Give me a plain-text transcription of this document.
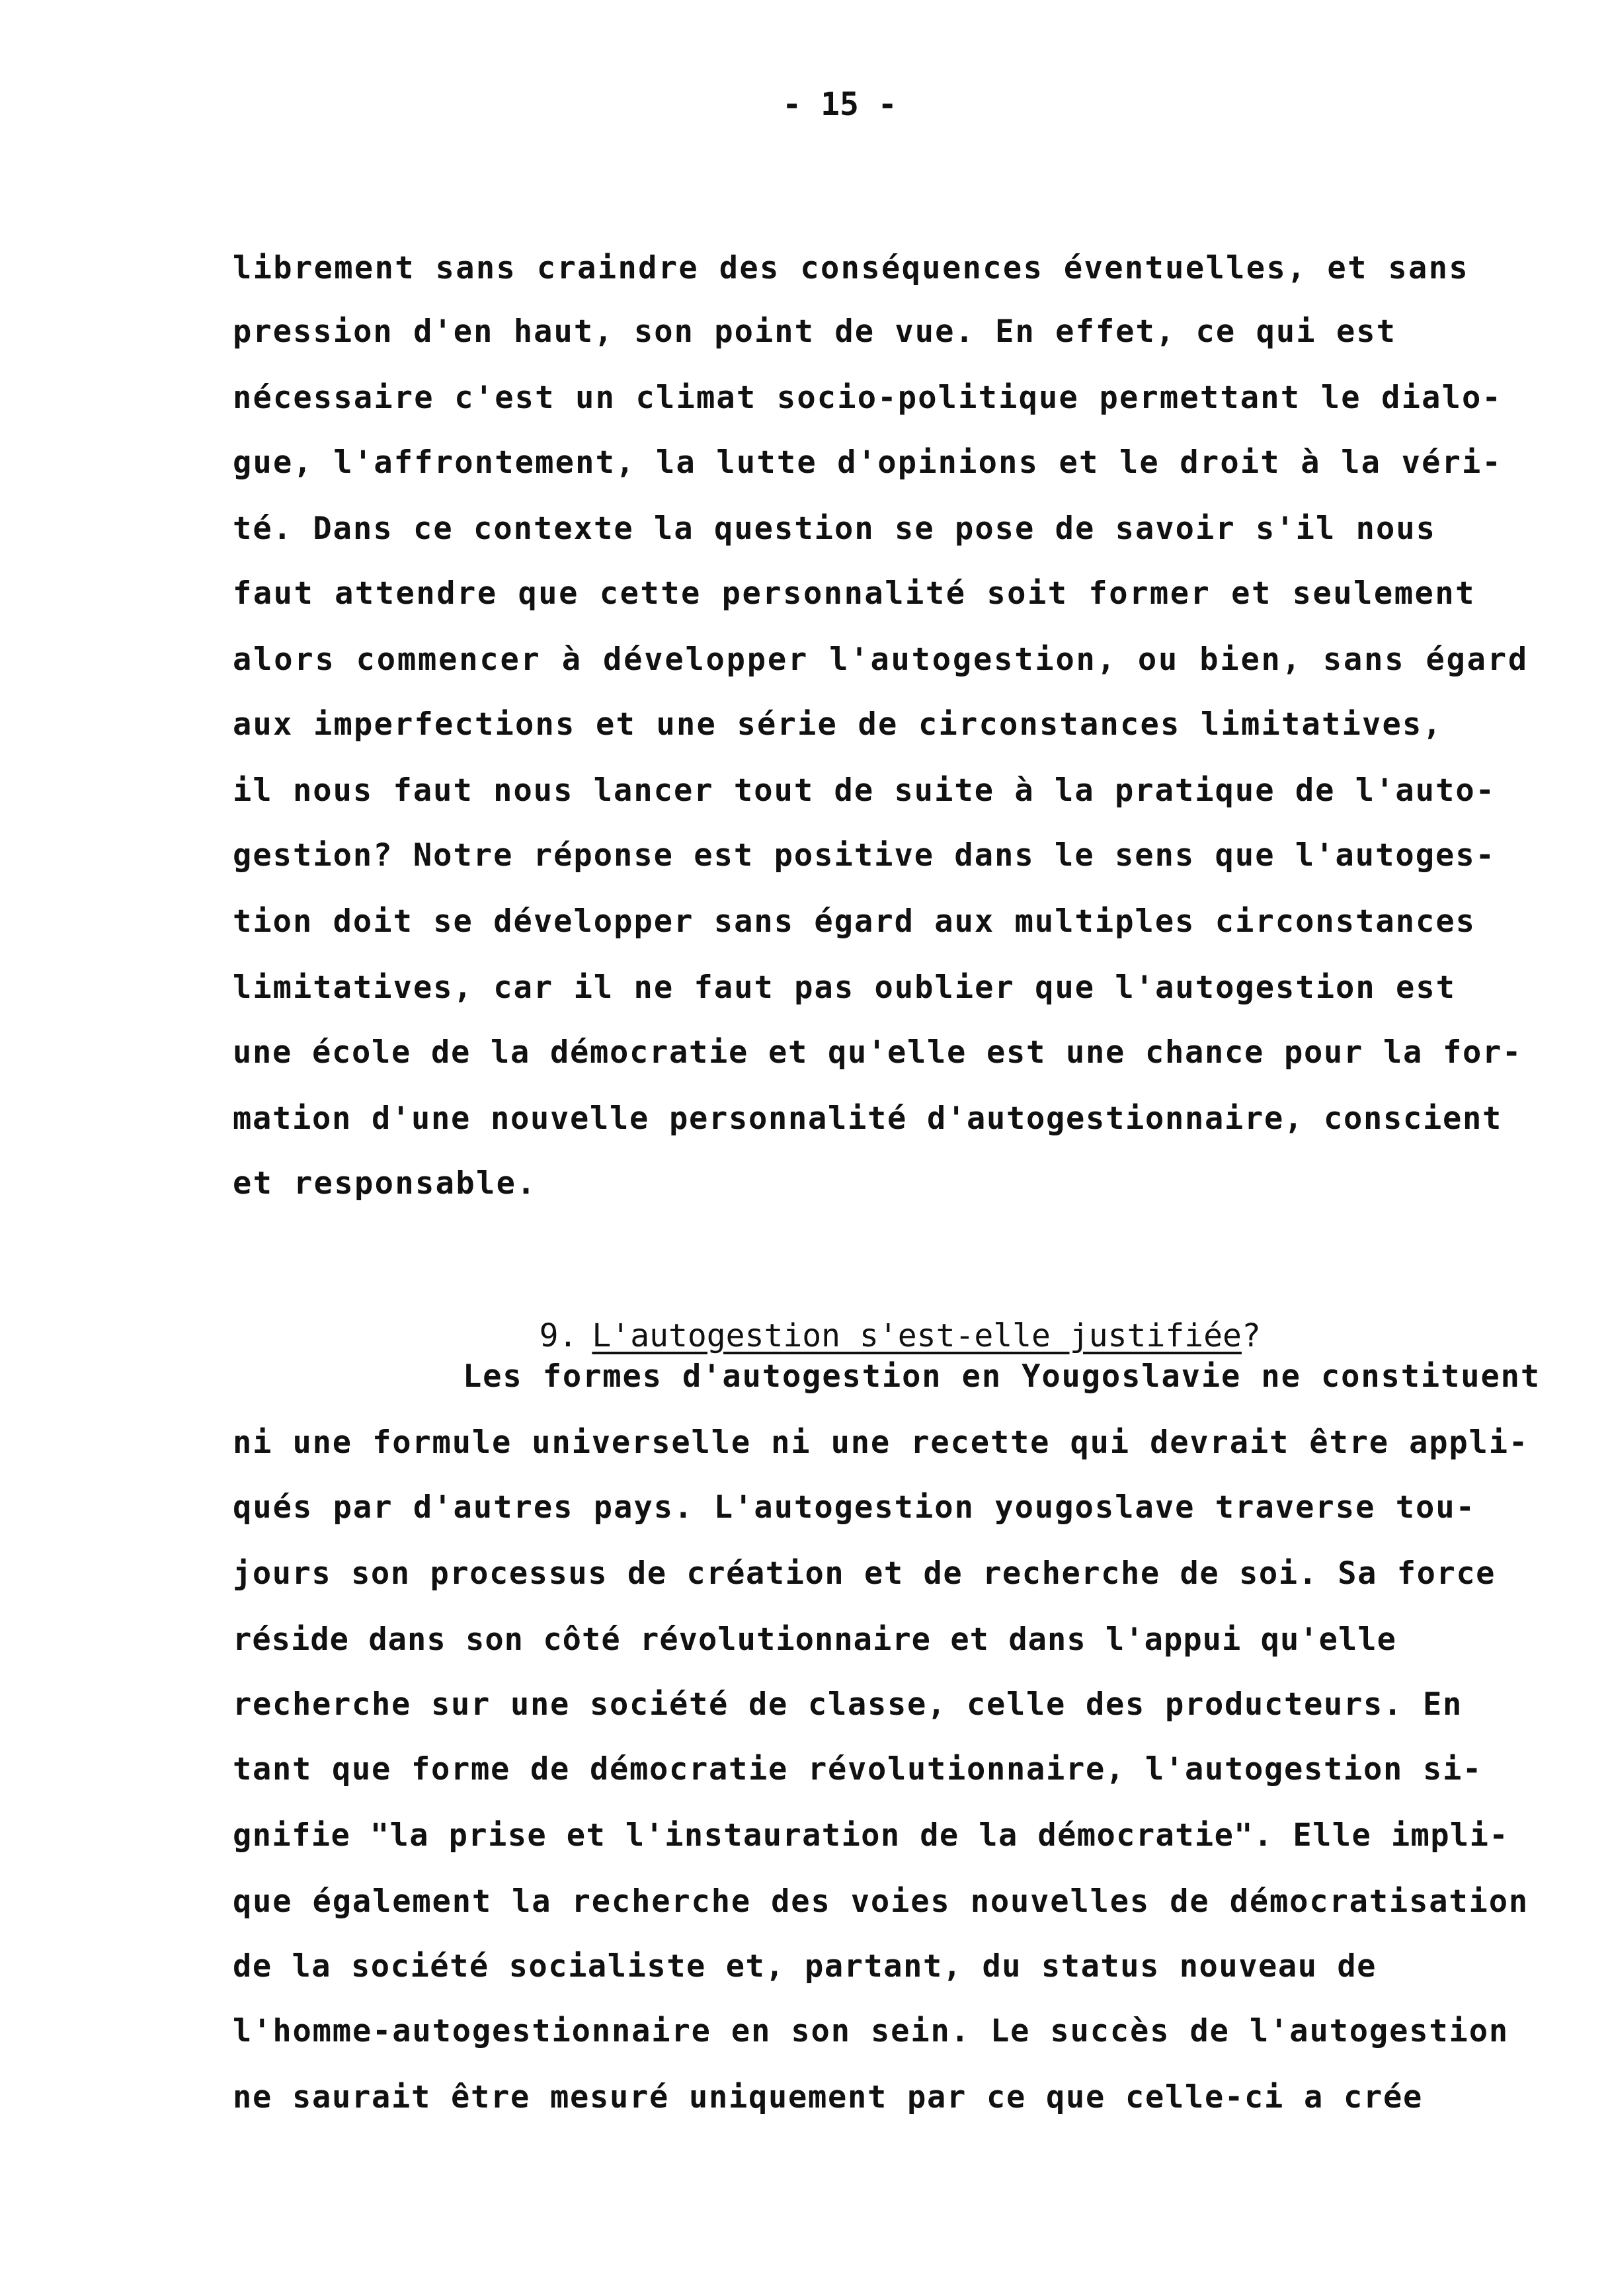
- 15 -
librement sans craindre des conséquences éventuelles, et sans
pression d'en haut, son point de vue. En effet, ce qui est
nécessaire c'est un climat socio-politique permettant le dialo-
gue, l'affrontement, la lutte d'opinions et le droit à la véri-
té. Dans ce contexte la question se pose de savoir s'il nous
faut attendre que cette personnalité soit former et seulement
alors commencer à développer l'autogestion, ou bien, sans égard
aux imperfections et une série de circonstances limitatives,
il nous faut nous lancer tout de suite à la pratique de l'auto-
gestion? Notre réponse est positive dans le sens que l'autoges-
tion doit se développer sans égard aux multiples circonstances
limitatives, car il ne faut pas oublier que l'autogestion est
une école de la démocratie et qu'elle est une chance pour la for-
mation d'une nouvelle personnalité d'autogestionnaire, conscient
et responsable.

9. L'autogestion s'est-elle justifiée?

Les formes d'autogestion en Yougoslavie ne constituent
ni une formule universelle ni une recette qui devrait être appli-
qués par d'autres pays. L'autogestion yougoslave traverse tou-
jours son processus de création et de recherche de soi. Sa force
réside dans son côté révolutionnaire et dans l'appui qu'elle
recherche sur une société de classe, celle des producteurs. En
tant que forme de démocratie révolutionnaire, l'autogestion si-
gnifie "la prise et l'instauration de la démocratie". Elle impli-
que également la recherche des voies nouvelles de démocratisation
de la société socialiste et, partant, du status nouveau de
l'homme-autogestionnaire en son sein. Le succès de l'autogestion
ne saurait être mesuré uniquement par ce que celle-ci a crée
